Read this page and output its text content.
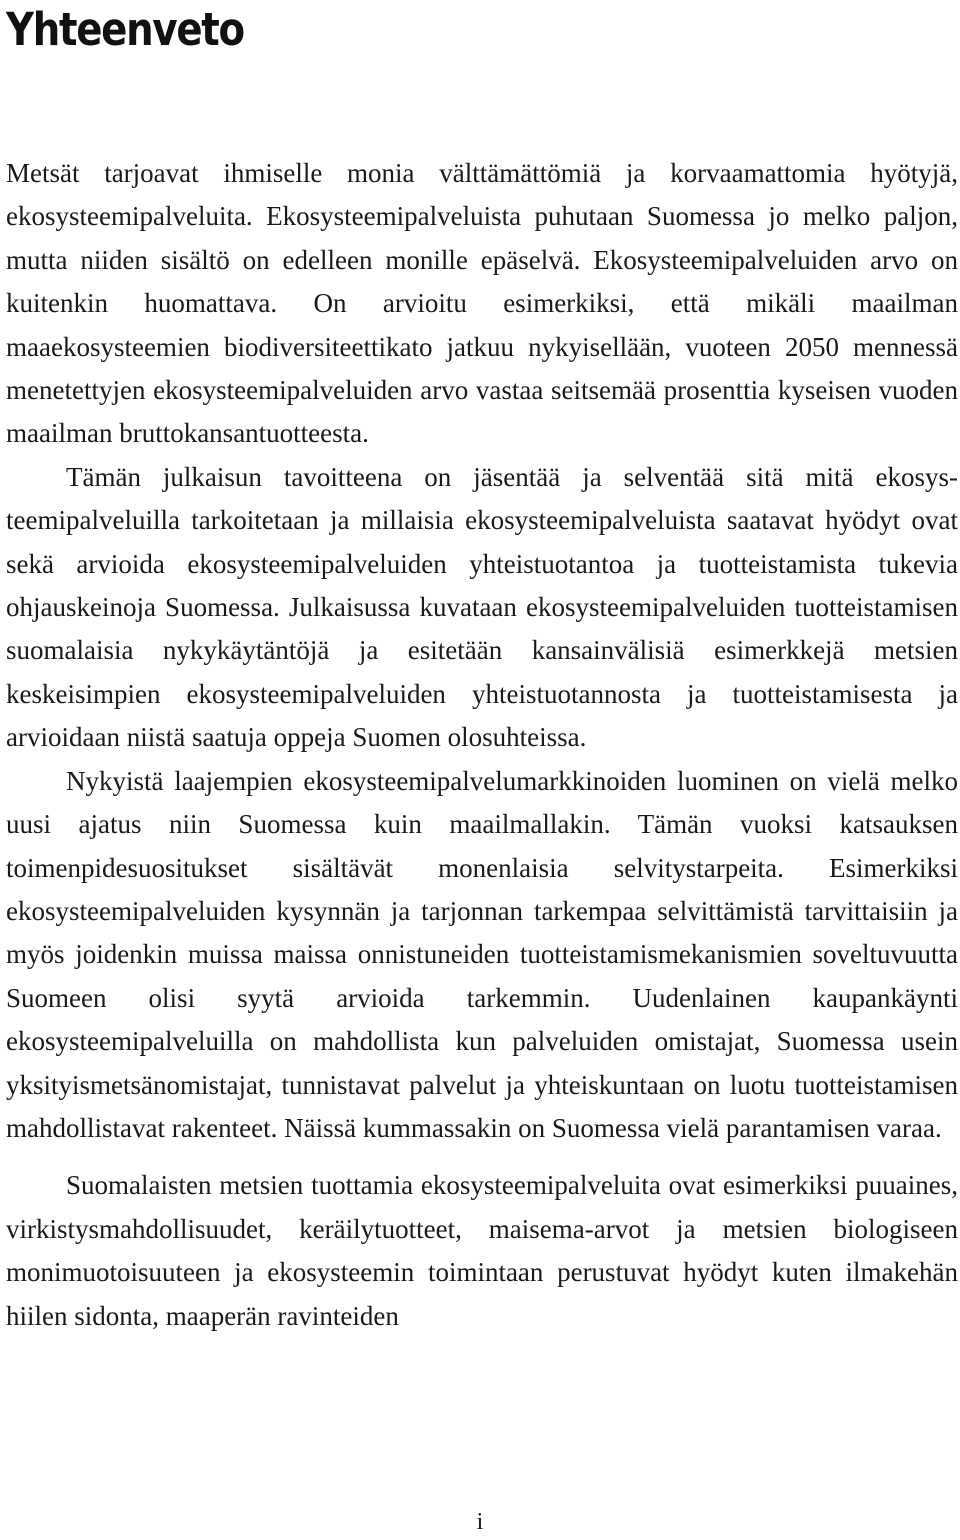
Yhteenveto

Metsät tarjoavat ihmiselle monia välttämättömiä ja korvaamattomia hyötyjä, ekosysteemipalveluita. Ekosysteemipalveluista puhutaan Suomessa jo melko paljon, mutta niiden sisältö on edelleen monille epäselvä. Ekosysteemipalveluiden arvo on kuitenkin huomattava. On arvioitu esimerkiksi, että mikäli maailman maaekosysteemien biodiversiteettikato jatkuu nykyisellään, vuoteen 2050 mennessä menetettyjen ekosysteemipalveluiden arvo vastaa seitsemää prosenttia kyseisen vuoden maailman bruttokansantuotteesta.

Tämän julkaisun tavoitteena on jäsentää ja selventää sitä mitä ekosysteemipalveluilla tarkoitetaan ja millaisia ekosysteemipalveluista saatavat hyödyt ovat sekä arvioida ekosysteemipalveluiden yhteistuotantoa ja tuotteistamista tukevia ohjauskeinoja Suomessa. Julkaisussa kuvataan ekosysteemipalveluiden tuotteistamisen suomalaisia nykykäytäntöjä ja esitetään kansainvälisiä esimerkkejä metsien keskeisimpien ekosysteemipalveluiden yhteistuotannosta ja tuotteistamisesta ja arvioidaan niistä saatuja oppeja Suomen olosuhteissa.

Nykyistä laajempien ekosysteemipalvelumarkkinoiden luominen on vielä melko uusi ajatus niin Suomessa kuin maailmallakin. Tämän vuoksi katsauksen toimenpidesuositukset sisältävät monenlaisia selvitystarpeita. Esimerkiksi ekosysteemipalveluiden kysynnän ja tarjonnan tarkempaa selvittämistä tarvittaisiin ja myös joidenkin muissa maissa onnistuneiden tuotteistamismekanismien soveltuvuutta Suomeen olisi syytä arvioida tarkemmin. Uudenlainen kaupankäynti ekosysteemipalveluilla on mahdollista kun palveluiden omistajat, Suomessa usein yksityismetsänomistajat, tunnistavat palvelut ja yhteiskuntaan on luotu tuotteistamisen mahdollistavat rakenteet. Näissä kummassakin on Suomessa vielä parantamisen varaa.

Suomalaisten metsien tuottamia ekosysteemipalveluita ovat esimerkiksi puuaines, virkistysmahdollisuudet, keräilytuotteet, maisema-arvot ja metsien biologiseen monimuotoisuuteen ja ekosysteemin toimintaan perustuvat hyödyt kuten ilmakehän hiilen sidonta, maaperän ravinteiden

i
